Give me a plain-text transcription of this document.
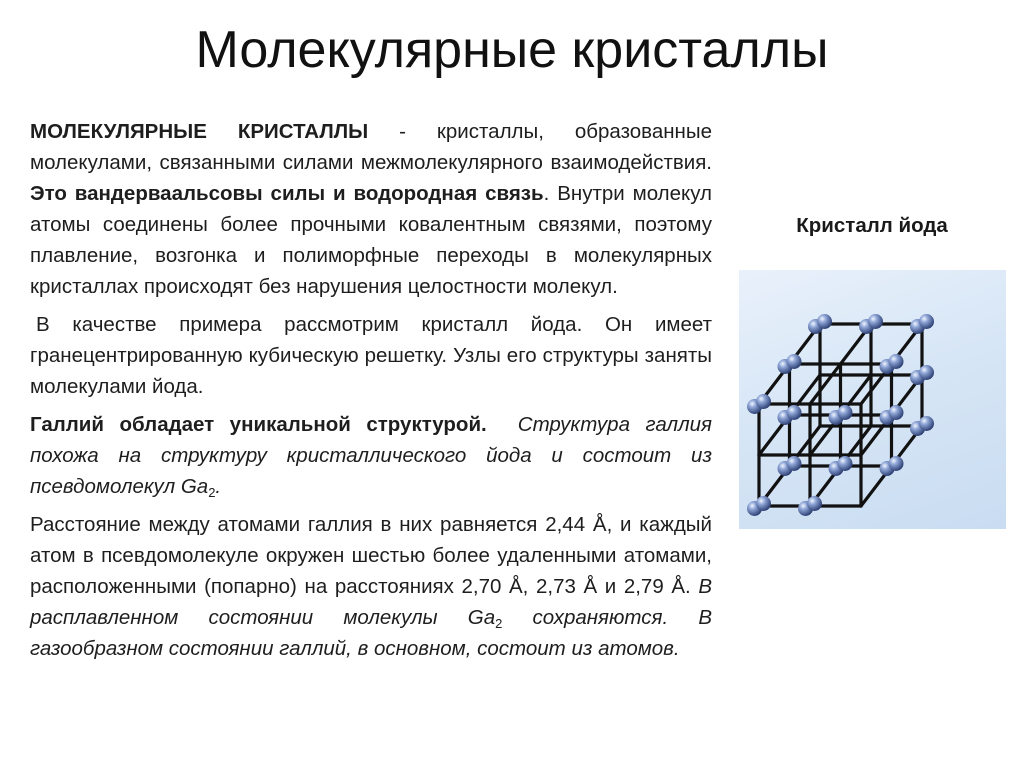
Молекулярные кристаллы

МОЛЕКУЛЯРНЫЕ КРИСТАЛЛЫ - кристаллы, образованные молекулами, связанными силами межмолекулярного взаимодействия. Это вандерваальсовы силы и водородная связь. Внутри молекул атомы соединены более прочными ковалентным связями, поэтому плавление, возгонка и полиморфные переходы в молекулярных кристаллах происходят без нарушения целостности молекул.

В качестве примера рассмотрим кристалл йода. Он имеет гранецентрированную кубическую решетку. Узлы его структуры заняты молекулами йода.

Галлий обладает уникальной структурой. Структура галлия похожа на структуру кристаллического йода и состоит из псевдомолекул $Ga_2$.

Расстояние между атомами галлия в них равняется 2,44 Å, и каждый атом в псевдомолекуле окружен шестью более удаленными атомами, расположенными (попарно) на расстояниях 2,70 Å, 2,73 Å и 2,79 Å. В расплавленном состоянии молекулы $Ga_2$ сохраняются. В газообразном состоянии галлий, в основном, состоит из атомов.

Кристалл йода
